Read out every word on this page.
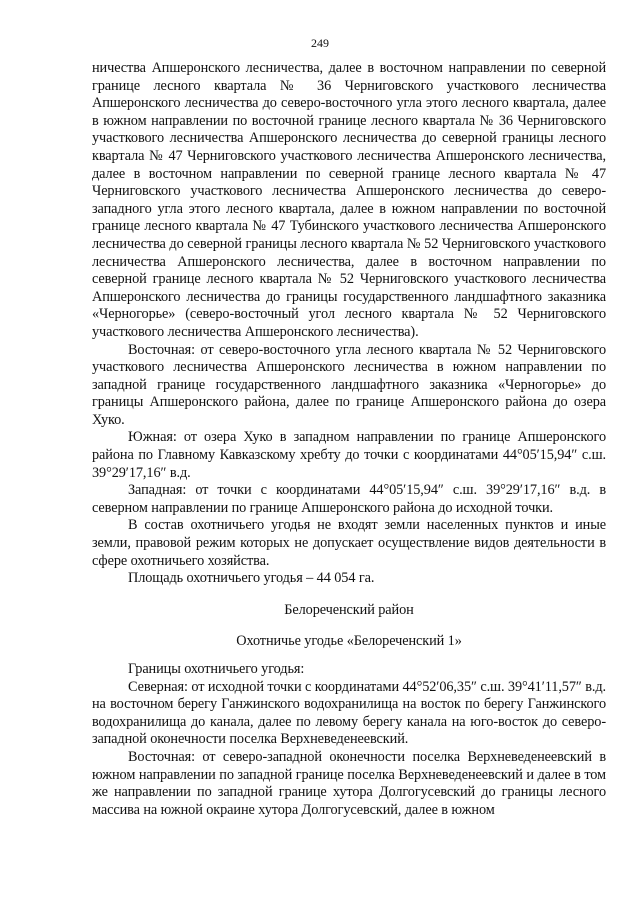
249

ничества Апшеронского лесничества, далее в восточном направлении по северной границе лесного квартала № 36 Черниговского участкового лесничества Апшеронского лесничества до северо-восточного угла этого лесного квартала, далее в южном направлении по восточной границе лесного квартала № 36 Черниговского участкового лесничества Апшеронского лесничества до северной границы лесного квартала № 47 Черниговского участкового лесничества Апшеронского лесничества, далее в восточном направлении по северной границе лесного квартала № 47 Черниговского участкового лесничества Апшеронского лесничества до северо-западного угла этого лесного квартала, далее в южном направлении по восточной границе лесного квартала № 47 Тубинского участкового лесничества Апшеронского лесничества до северной границы лесного квартала № 52 Черниговского участкового лесничества Апшеронского лесничества, далее в восточном направлении по северной границе лесного квартала № 52 Черниговского участкового лесничества Апшеронского лесничества до границы государственного ландшафтного заказника «Черногорье» (северо-восточный угол лесного квартала № 52 Черниговского участкового лесничества Апшеронского лесничества).

Восточная: от северо-восточного угла лесного квартала № 52 Черниговского участкового лесничества Апшеронского лесничества в южном направлении по западной границе государственного ландшафтного заказника «Черногорье» до границы Апшеронского района, далее по границе Апшеронского района до озера Хуко.

Южная: от озера Хуко в западном направлении по границе Апшеронского района по Главному Кавказскому хребту до точки с координатами 44°05′15,94″ с.ш. 39°29′17,16″ в.д.

Западная: от точки с координатами 44°05′15,94″ с.ш. 39°29′17,16″ в.д. в северном направлении по границе Апшеронского района до исходной точки.

В состав охотничьего угодья не входят земли населенных пунктов и иные земли, правовой режим которых не допускает осуществление видов деятельности в сфере охотничьего хозяйства.

Площадь охотничьего угодья – 44 054 га.

Белореченский район

Охотничье угодье «Белореченский 1»

Границы охотничьего угодья:

Северная: от исходной точки с координатами 44°52′06,35″ с.ш. 39°41′11,57″ в.д. на восточном берегу Ганжинского водохранилища на восток по берегу Ганжинского водохранилища до канала, далее по левому берегу канала на юго-восток до северо-западной оконечности поселка Верхневеденеевский.

Восточная: от северо-западной оконечности поселка Верхневеденеевский в южном направлении по западной границе поселка Верхневеденеевский и далее в том же направлении по западной границе хутора Долгогусевский до границы лесного массива на южной окраине хутора Долгогусевский, далее в южном
